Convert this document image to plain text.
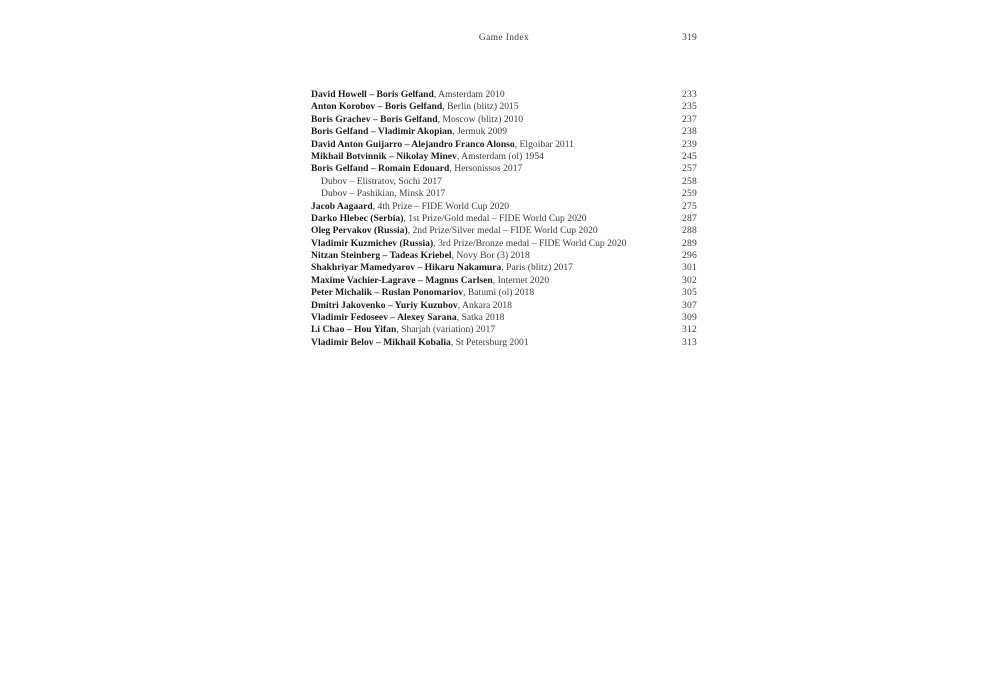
Game Index	319
David Howell – Boris Gelfand, Amsterdam 2010	233
Anton Korobov – Boris Gelfand, Berlin (blitz) 2015	235
Boris Grachev – Boris Gelfand, Moscow (blitz) 2010	237
Boris Gelfand – Vladimir Akopian, Jermuk 2009	238
David Anton Guijarro – Alejandro Franco Alonso, Elgoibar 2011	239
Mikhail Botvinnik – Nikolay Minev, Amsterdam (ol) 1954	245
Boris Gelfand – Romain Edouard, Hersonissos 2017	257
Dubov – Elistratov, Sochi 2017	258
Dubov – Pashikian, Minsk 2017	259
Jacob Aagaard, 4th Prize – FIDE World Cup 2020	275
Darko Hlebec (Serbia), 1st Prize/Gold medal – FIDE World Cup 2020	287
Oleg Pervakov (Russia), 2nd Prize/Silver medal – FIDE World Cup 2020	288
Vladimir Kuzmichev (Russia), 3rd Prize/Bronze medal – FIDE World Cup 2020	289
Nitzan Steinberg – Tadeas Kriebel, Novy Bor (3) 2018	296
Shakhriyar Mamedyarov – Hikaru Nakamura, Paris (blitz) 2017	301
Maxime Vachier-Lagrave – Magnus Carlsen, Internet 2020	302
Peter Michalik – Ruslan Ponomariov, Batumi (ol) 2018	305
Dmitri Jakovenko – Yuriy Kuzubov, Ankara 2018	307
Vladimir Fedoseev – Alexey Sarana, Satka 2018	309
Li Chao – Hou Yifan, Sharjah (variation) 2017	312
Vladimir Belov – Mikhail Kobalia, St Petersburg 2001	313
